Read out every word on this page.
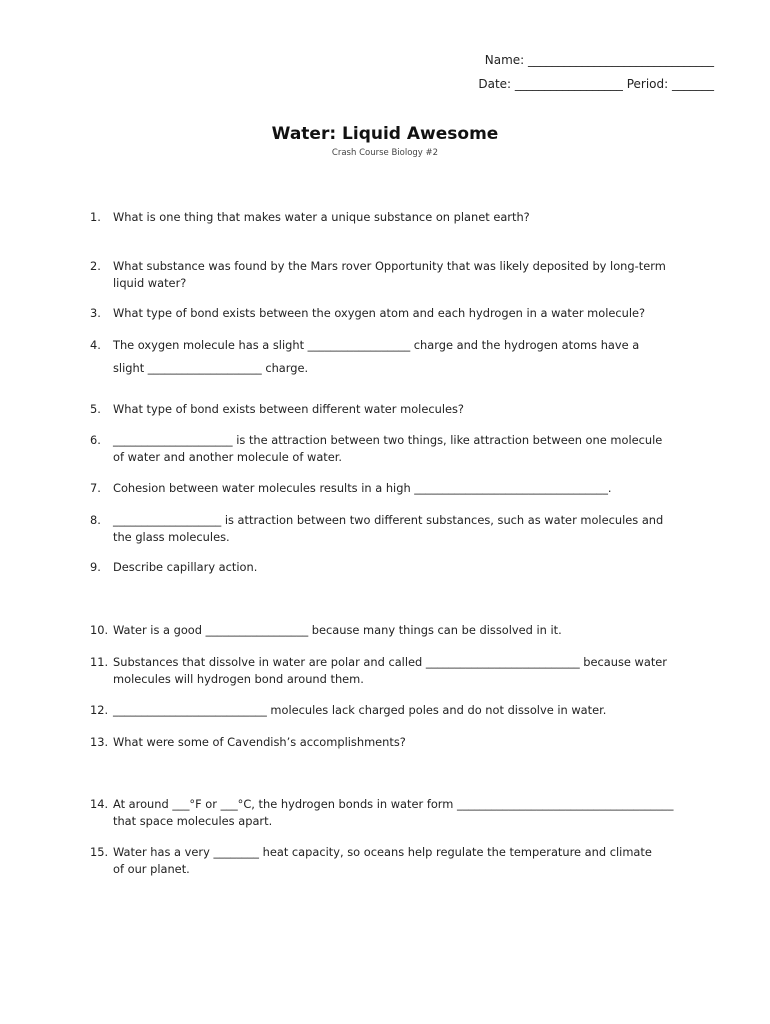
Name: _______________________________
Date: __________________ Period: _______
Water: Liquid Awesome
Crash Course Biology #2
1. What is one thing that makes water a unique substance on planet earth?
2. What substance was found by the Mars rover Opportunity that was likely deposited by long-term
liquid water?
3. What type of bond exists between the oxygen atom and each hydrogen in a water molecule?
4. The oxygen molecule has a slight __________________ charge and the hydrogen atoms have a
slight ____________________ charge.
5. What type of bond exists between different water molecules?
6. _____________________ is the attraction between two things, like attraction between one molecule
of water and another molecule of water.
7. Cohesion between water molecules results in a high __________________________________.
8. ___________________ is attraction between two different substances, such as water molecules and
the glass molecules.
9. Describe capillary action.
10. Water is a good __________________ because many things can be dissolved in it.
11. Substances that dissolve in water are polar and called ___________________________ because water
molecules will hydrogen bond around them.
12. ___________________________ molecules lack charged poles and do not dissolve in water.
13. What were some of Cavendish’s accomplishments?
14. At around ___°F or ___°C, the hydrogen bonds in water form ______________________________________
that space molecules apart.
15. Water has a very ________ heat capacity, so oceans help regulate the temperature and climate
of our planet.
